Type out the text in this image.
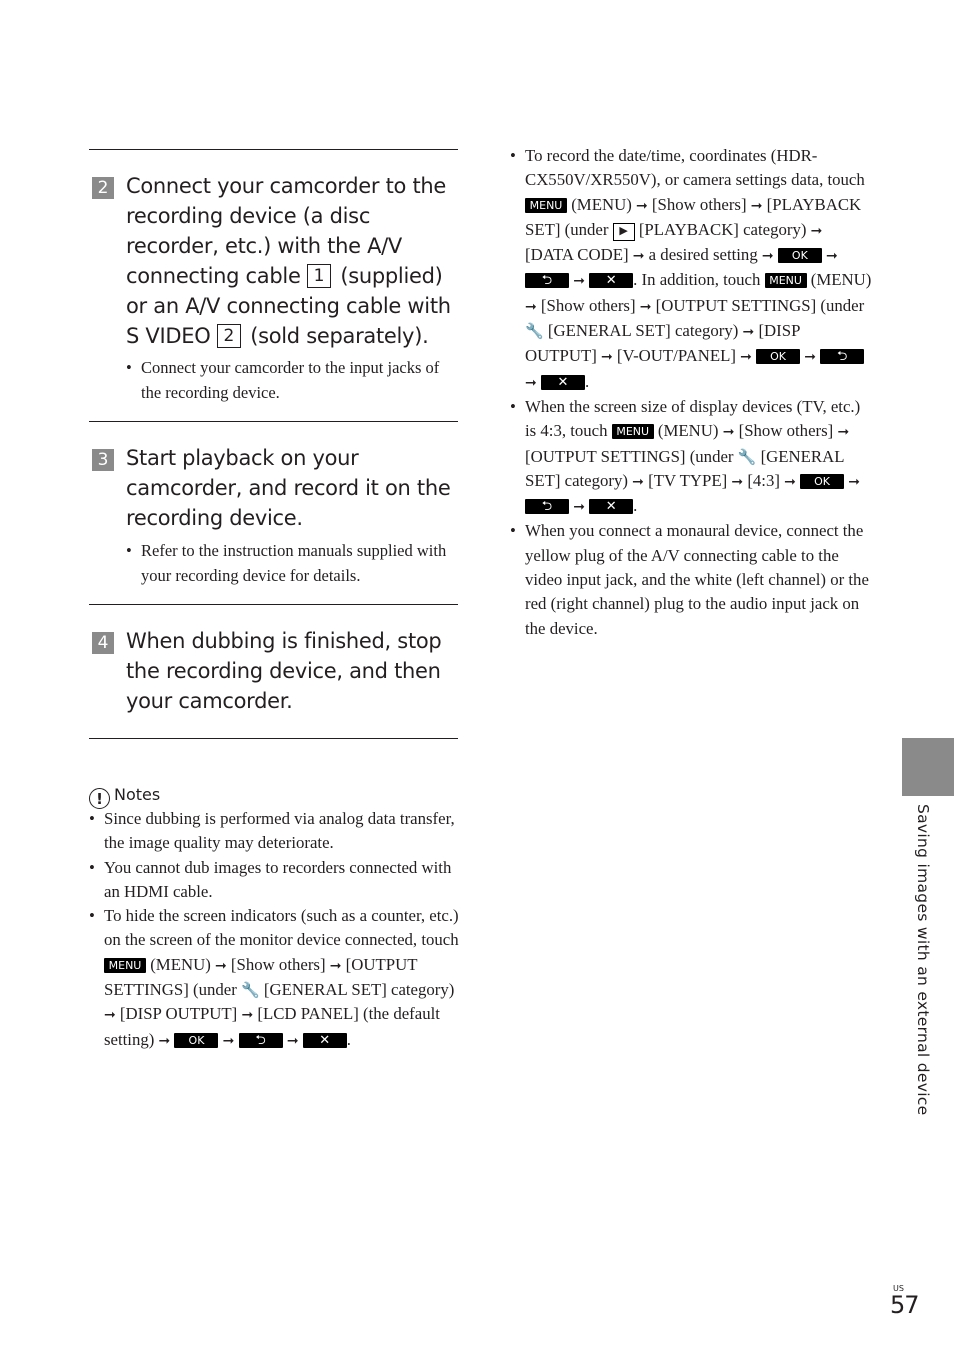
2 Connect your camcorder to the recording device (a disc recorder, etc.) with the A/V connecting cable 1 (supplied) or an A/V connecting cable with S VIDEO 2 (sold separately).
• Connect your camcorder to the input jacks of the recording device.
3 Start playback on your camcorder, and record it on the recording device.
• Refer to the instruction manuals supplied with your recording device for details.
4 When dubbing is finished, stop the recording device, and then your camcorder.
! Notes
• Since dubbing is performed via analog data transfer, the image quality may deteriorate.
• You cannot dub images to recorders connected with an HDMI cable.
• To hide the screen indicators (such as a counter, etc.) on the screen of the monitor device connected, touch MENU (MENU) ➞ [Show others] ➞ [OUTPUT SETTINGS] (under 🔧 [GENERAL SET] category) ➞ [DISP OUTPUT] ➞ [LCD PANEL] (the default setting) ➞ OK ➞ ⮌ ➞ ✕ .
• To record the date/time, coordinates (HDR-CX550V/XR550V), or camera settings data, touch MENU (MENU) ➞ [Show others] ➞ [PLAYBACK SET] (under ▶ [PLAYBACK] category) ➞ [DATA CODE] ➞ a desired setting ➞ OK ➞ ⮌ ➞ ✕ . In addition, touch MENU (MENU) ➞ [Show others] ➞ [OUTPUT SETTINGS] (under 🔧 [GENERAL SET] category) ➞ [DISP OUTPUT] ➞ [V-OUT/PANEL] ➞ OK ➞ ⮌ ➞ ✕ .
• When the screen size of display devices (TV, etc.) is 4:3, touch MENU (MENU) ➞ [Show others] ➞ [OUTPUT SETTINGS] (under 🔧 [GENERAL SET] category) ➞ [TV TYPE] ➞ [4:3] ➞ OK ➞ ⮌ ➞ ✕ .
• When you connect a monaural device, connect the yellow plug of the A/V connecting cable to the video input jack, and the white (left channel) or the red (right channel) plug to the audio input jack on the device.
Saving images with an external device
US
57
